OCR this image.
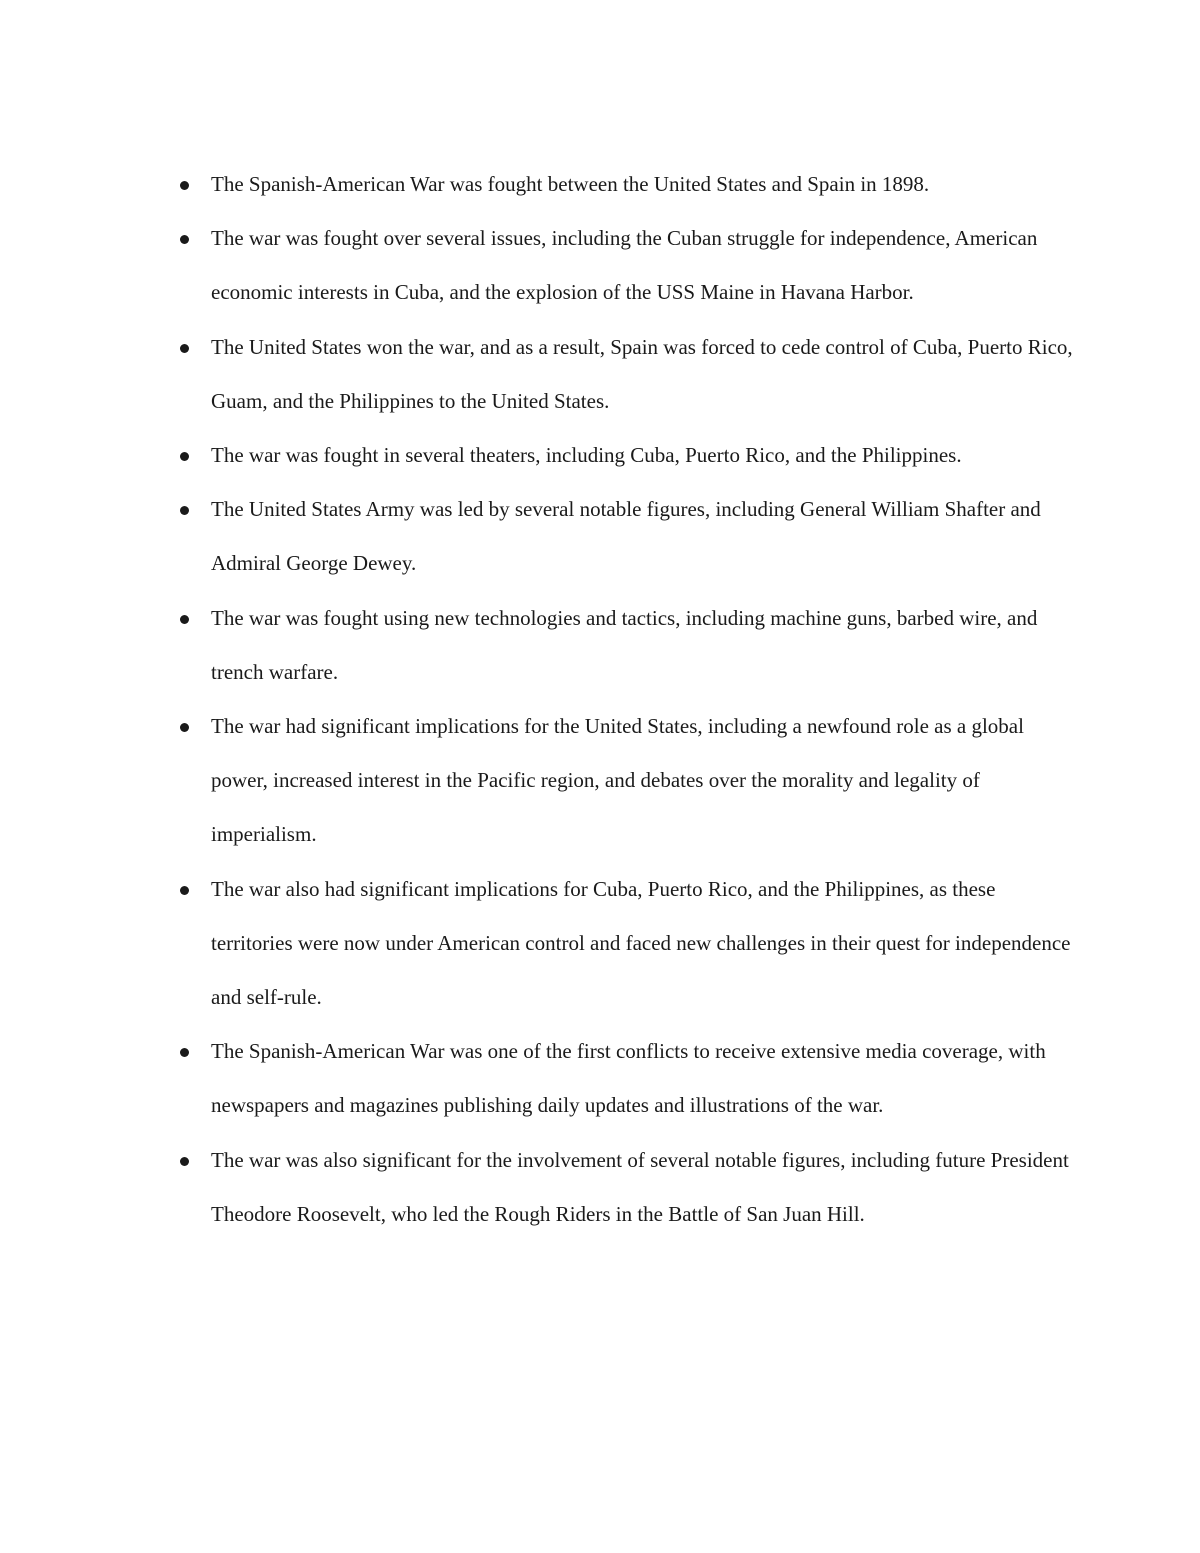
The Spanish-American War was fought between the United States and Spain in 1898.
The war was fought over several issues, including the Cuban struggle for independence, American economic interests in Cuba, and the explosion of the USS Maine in Havana Harbor.
The United States won the war, and as a result, Spain was forced to cede control of Cuba, Puerto Rico, Guam, and the Philippines to the United States.
The war was fought in several theaters, including Cuba, Puerto Rico, and the Philippines.
The United States Army was led by several notable figures, including General William Shafter and Admiral George Dewey.
The war was fought using new technologies and tactics, including machine guns, barbed wire, and trench warfare.
The war had significant implications for the United States, including a newfound role as a global power, increased interest in the Pacific region, and debates over the morality and legality of imperialism.
The war also had significant implications for Cuba, Puerto Rico, and the Philippines, as these territories were now under American control and faced new challenges in their quest for independence and self-rule.
The Spanish-American War was one of the first conflicts to receive extensive media coverage, with newspapers and magazines publishing daily updates and illustrations of the war.
The war was also significant for the involvement of several notable figures, including future President Theodore Roosevelt, who led the Rough Riders in the Battle of San Juan Hill.
